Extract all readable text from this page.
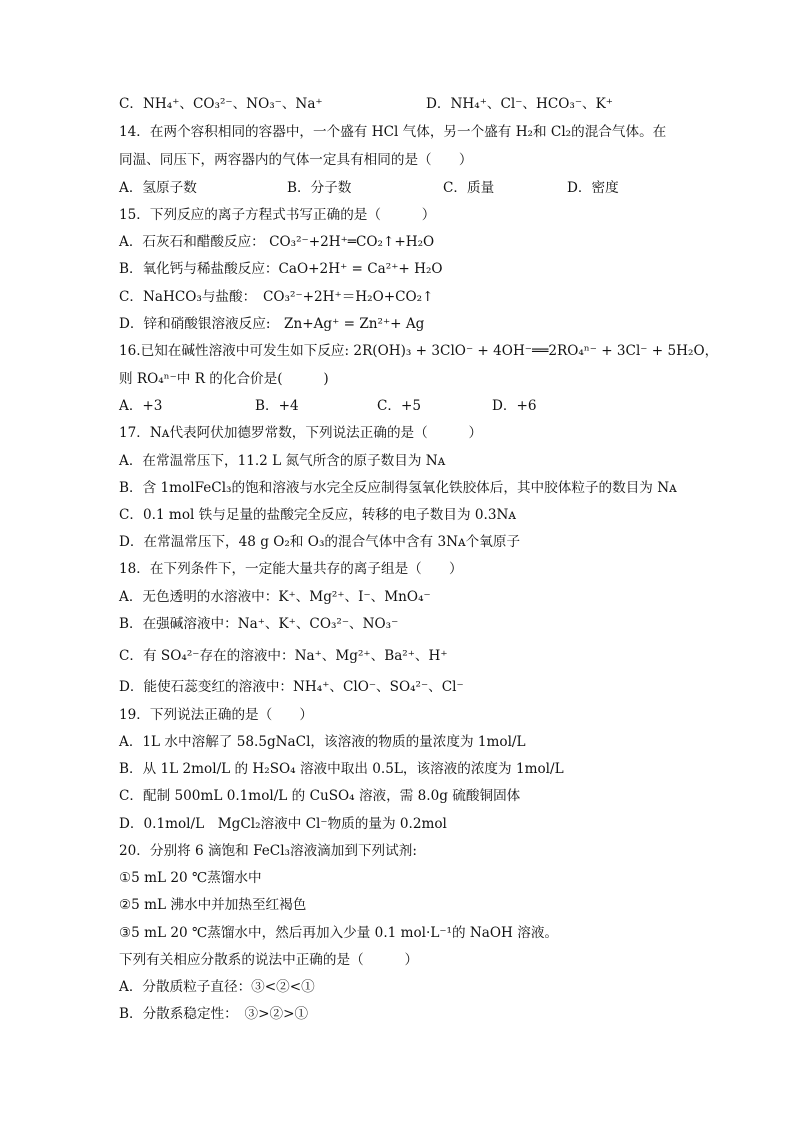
C．NH₄⁺、CO₃²⁻、NO₃⁻、Na⁺	D．NH₄⁺、Cl⁻、HCO₃⁻、K⁺
14．在两个容积相同的容器中，一个盛有 HCl 气体，另一个盛有 H₂和 Cl₂的混合气体。在
同温、同压下，两容器内的气体一定具有相同的是（　　）
A．氢原子数	B．分子数	C．质量	D．密度
15．下列反应的离子方程式书写正确的是（　　　）
A．石灰石和醋酸反应： CO₃²⁻+2H⁺═CO₂↑+H₂O
B．氧化钙与稀盐酸反应：CaO+2H⁺ = Ca²⁺+ H₂O
C．NaHCO₃与盐酸：　CO₃²⁻+2H⁺＝H₂O+CO₂↑
D．锌和硝酸银溶液反应:　Zn+Ag⁺ = Zn²⁺+ Ag
16.已知在碱性溶液中可发生如下反应: 2R(OH)₃ + 3ClO⁻ + 4OH⁻══2RO₄ⁿ⁻ + 3Cl⁻ + 5H₂O，
则 RO₄ⁿ⁻中 R 的化合价是(　　　)
A．+3	B．+4	C．+5	D．+6
17．Nᴀ代表阿伏加德罗常数，下列说法正确的是（　　　）
A．在常温常压下，11.2 L 氮气所含的原子数目为 Nᴀ
B．含 1molFeCl₃的饱和溶液与水完全反应制得氢氧化铁胶体后，其中胶体粒子的数目为 Nᴀ
C．0.1 mol 铁与足量的盐酸完全反应，转移的电子数目为 0.3Nᴀ
D．在常温常压下，48 g O₂和 O₃的混合气体中含有 3Nᴀ个氧原子
18．在下列条件下，一定能大量共存的离子组是（　　）
A．无色透明的水溶液中：K⁺、Mg²⁺、I⁻、MnO₄⁻
B．在强碱溶液中：Na⁺、K⁺、CO₃²⁻、NO₃⁻
C．有 SO₄²⁻存在的溶液中：Na⁺、Mg²⁺、Ba²⁺、H⁺
D．能使石蕊变红的溶液中：NH₄⁺、ClO⁻、SO₄²⁻、Cl⁻
19．下列说法正确的是（　　）
A．1L 水中溶解了 58.5gNaCl，该溶液的物质的量浓度为 1mol/L
B．从 1L 2mol/L 的 H₂SO₄ 溶液中取出 0.5L，该溶液的浓度为 1mol/L
C．配制 500mL 0.1mol/L 的 CuSO₄ 溶液，需 8.0g 硫酸铜固体
D．0.1mol/L　MgCl₂溶液中 Cl⁻物质的量为 0.2mol
20．分别将 6 滴饱和 FeCl₃溶液滴加到下列试剂:
①5 mL 20 ℃蒸馏水中
②5 mL 沸水中并加热至红褐色
③5 mL 20 ℃蒸馏水中，然后再加入少量 0.1 mol·L⁻¹的 NaOH 溶液。
下列有关相应分散系的说法中正确的是（　　　）
A．分散质粒子直径：③<②<①
B．分散系稳定性：　③>②>①
